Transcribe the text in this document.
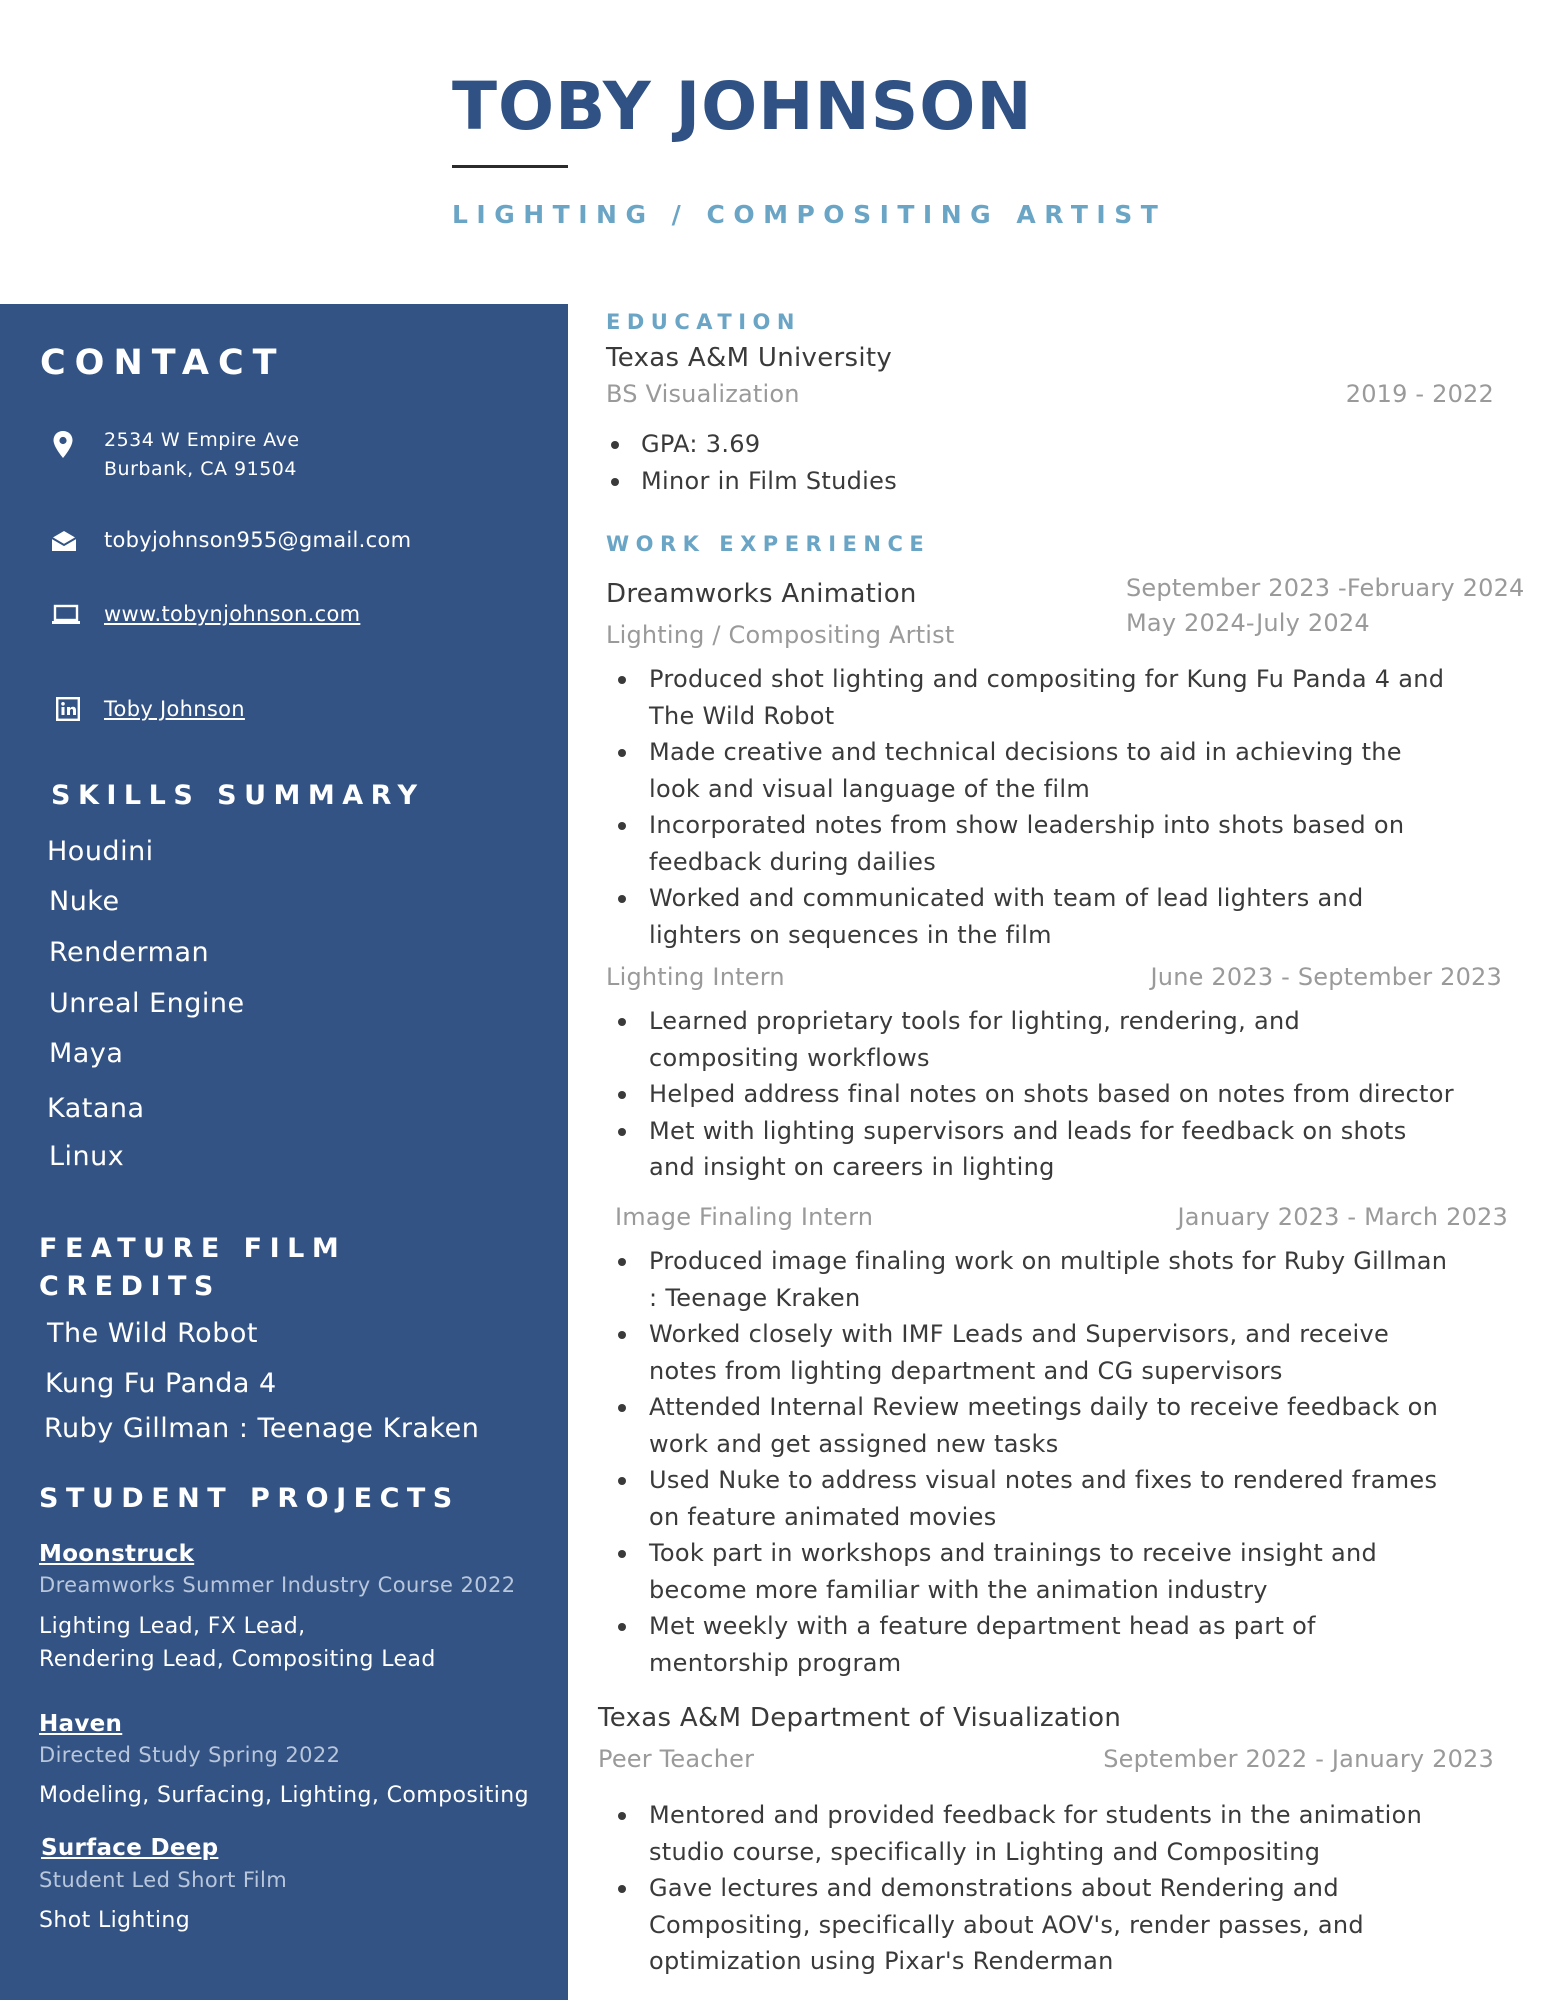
TOBY JOHNSON
LIGHTING / COMPOSITING ARTIST
CONTACT
2534 W Empire Ave
Burbank, CA 91504
tobyjohnson955@gmail.com
www.tobynjohnson.com
Toby Johnson
SKILLS SUMMARY
Houdini
Nuke
Renderman
Unreal Engine
Maya
Katana
Linux
FEATURE FILM
CREDITS
The Wild Robot
Kung Fu Panda 4
Ruby Gillman : Teenage Kraken
STUDENT PROJECTS
Moonstruck
Dreamworks Summer Industry Course 2022
Lighting Lead, FX Lead,
Rendering Lead, Compositing Lead
Haven
Directed Study Spring 2022
Modeling, Surfacing, Lighting, Compositing
Surface Deep
Student Led Short Film
Shot Lighting
EDUCATION
Texas A&M University
BS Visualization	2019 - 2022
GPA: 3.69
Minor in Film Studies
WORK EXPERIENCE
Dreamworks Animation
Lighting / Compositing Artist
September 2023 -February 2024
May 2024-July 2024
Produced shot lighting and compositing for Kung Fu Panda 4 and The Wild Robot
Made creative and technical decisions to aid in achieving the look and visual language of the film
Incorporated notes from show leadership into shots based on feedback during dailies
Worked and communicated with team of lead lighters and lighters on sequences in the film
Lighting Intern	June 2023 - September 2023
Learned proprietary tools for lighting, rendering, and compositing workflows
Helped address final notes on shots based on notes from director
Met with lighting supervisors and leads for feedback on shots and insight on careers in lighting
Image Finaling Intern	January 2023 - March 2023
Produced image finaling work on multiple shots for Ruby Gillman : Teenage Kraken
Worked closely with IMF Leads and Supervisors, and receive notes from lighting department and CG supervisors
Attended Internal Review meetings daily to receive feedback on work and get assigned new tasks
Used Nuke to address visual notes and fixes to rendered frames on feature animated movies
Took part in workshops and trainings to receive insight and become more familiar with the animation industry
Met weekly with a feature department head as part of mentorship program
Texas A&M Department of Visualization
Peer Teacher	September 2022 - January 2023
Mentored and provided feedback for students in the animation studio course, specifically in Lighting and Compositing
Gave lectures and demonstrations about Rendering and Compositing, specifically about AOV's, render passes, and optimization using Pixar's Renderman
